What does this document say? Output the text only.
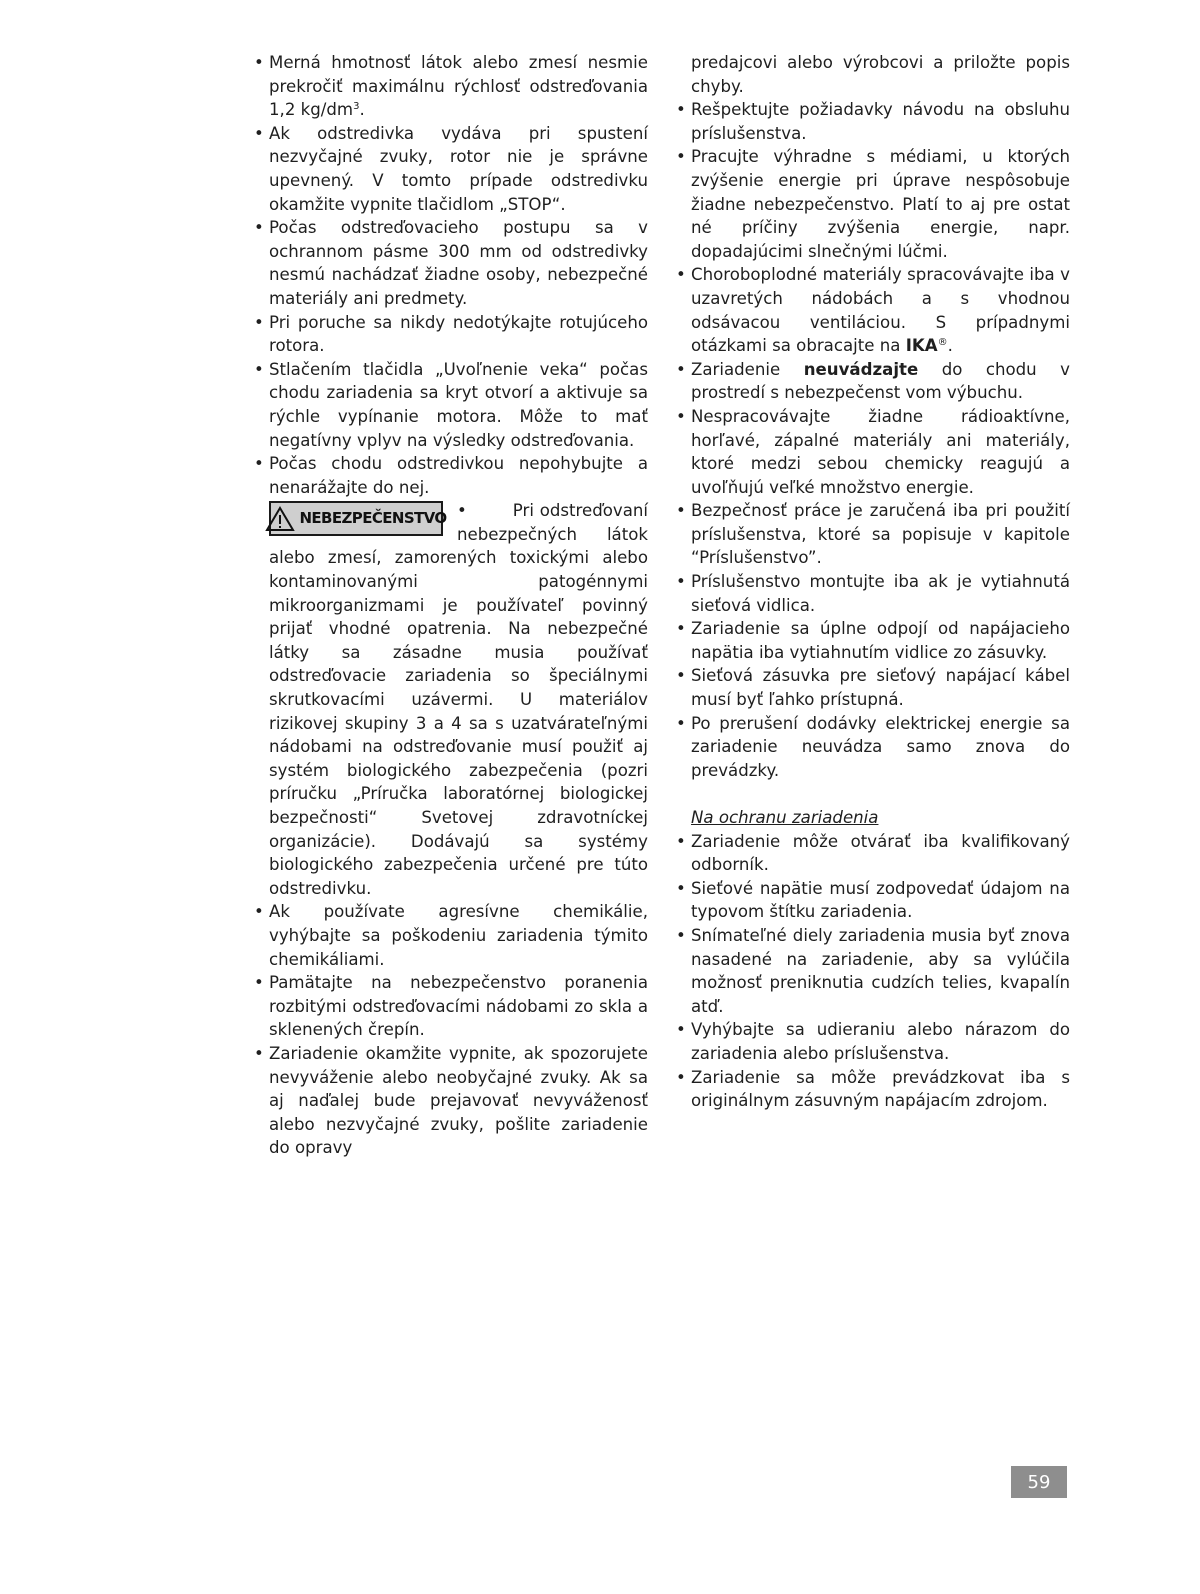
• Merná hmotnosť látok alebo zmesí nesmie prekročiť maximálnu rýchlosť odstreďovania 1,2 $kg/dm^3$.

• Ak odstredivka vydáva pri spustení nezvyčajné zvuky, rotor nie je správne upevnený. V tomto prípade odstredivku okamžite vypnite tlačidlom „STOP“.

• Počas odstreďovacieho postupu sa v ochrannom pásme 300 mm od odstredivky nesmú nachádzať žiadne osoby, nebezpečné materiály ani predmety.

• Pri poruche sa nikdy nedotýkajte rotujúceho rotora.

• Stlačením tlačidla „Uvoľnenie veka“ počas chodu zariadenia sa kryt otvorí a aktivuje sa rýchle vypínanie motora. Môže to mať negatívny vplyv na výsledky odstreďovania.

• Počas chodu odstredivkou nepohybujte a nenarážajte do nej.

NEBEZPEČENSTVO •	Pri odstreďovaní nebezpečných látok alebo zmesí, zamorených toxickými alebo kontaminovanými patogénnymi mikroorganizmami je používateľ povinný prijať vhodné opatrenia. Na nebezpečné látky sa zásadne musia používať odstreďovacie zariadenia so špeciálnymi skrutkovacími uzávermi. U materiálov rizikovej skupiny 3 a 4 sa s uzatvárateľnými nádobami na odstreďovanie musí použiť aj systém biologického zabezpečenia (pozri príručku „Príručka laboratórnej biologickej bezpečnosti“ Svetovej zdravotníckej organizácie). Dodávajú sa systémy biologického zabezpečenia určené pre túto odstredivku.

• Ak používate agresívne chemikálie, vyhýbajte sa poškodeniu zariadenia týmito chemikáliami.

• Pamätajte na nebezpečenstvo poranenia rozbitými odstreďovacími nádobami zo skla a sklenených črepín.

• Zariadenie okamžite vypnite, ak spozorujete nevyváženie alebo neobyčajné zvuky. Ak sa aj naďalej bude prejavovať nevyváženosť alebo nezvyčajné zvuky, pošlite zariadenie do opravy

predajcovi alebo výrobcovi a priložte popis chyby.

• Rešpektujte požiadavky návodu na obsluhu príslušenstva.

• Pracujte výhradne s médiami, u ktorých zvýšenie energie pri úprave nespôsobuje žiadne nebezpečenstvo. Platí to aj pre ostat né príčiny zvýšenia energie, napr. dopadajúcimi slnečnými lúčmi.

• Choroboplodné materiály spracovávajte iba v uzavretých nádobách a s vhodnou odsávacou ventiláciou. S prípadnymi otázkami sa obracajte na IKA®.

• Zariadenie neuvádzajte do chodu v prostredí s nebezpečenst vom výbuchu.

• Nespracovávajte žiadne rádioaktívne, horľavé, zápalné materiály ani materiály, ktoré medzi sebou chemicky reagujú a uvoľňujú veľké množstvo energie.

• Bezpečnosť práce je zaručená iba pri použití príslušenstva, ktoré sa popisuje v kapitole “Príslušenstvo”.

• Príslušenstvo montujte iba ak je vytiahnutá sieťová vidlica.

• Zariadenie sa úplne odpojí od napájacieho napätia iba vytiahnutím vidlice zo zásuvky.

• Sieťová zásuvka pre sieťový napájací kábel musí byť ľahko prístupná.

• Po prerušení dodávky elektrickej energie sa zariadenie neuvádza samo znova do prevádzky.

Na ochranu zariadenia

• Zariadenie môže otvárať iba kvalifikovaný odborník.

• Sieťové napätie musí zodpovedať údajom na typovom štítku zariadenia.

• Snímateľné diely zariadenia musia byť znova nasadené na zariadenie, aby sa vylúčila možnosť preniknutia cudzích telies, kvapalín atď.

• Vyhýbajte sa udieraniu alebo nárazom do zariadenia alebo príslušenstva.

• Zariadenie sa môže prevádzkovat iba s originálnym zásuvným napájacím zdrojom.

59
